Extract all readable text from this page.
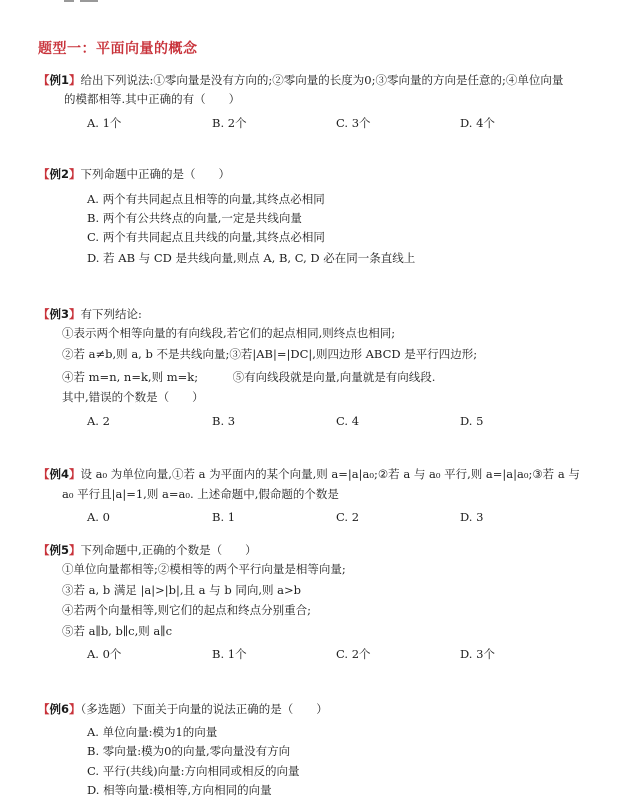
题型一：平面向量的概念
【例1】给出下列说法:①零向量是没有方向的;②零向量的长度为0;③零向量的方向是任意的;④单位向量
的模都相等.其中正确的有（　　）
A. 1个	B. 2个	C. 3个	D. 4个
【例2】下列命题中正确的是（　　）
A. 两个有共同起点且相等的向量,其终点必相同
B. 两个有公共终点的向量,一定是共线向量
C. 两个有共同起点且共线的向量,其终点必相同
D. 若 AB 与 CD 是共线向量,则点 A, B, C, D 必在同一条直线上
【例3】有下列结论:
①表示两个相等向量的有向线段,若它们的起点相同,则终点也相同;
②若 a≠b,则 a, b 不是共线向量;③若|AB|=|DC|,则四边形 ABCD 是平行四边形;
④若 m=n, n=k,则 m=k;　　　⑤有向线段就是向量,向量就是有向线段.
其中,错误的个数是（　　）
A. 2	B. 3	C. 4	D. 5
【例4】设 a₀ 为单位向量,①若 a 为平面内的某个向量,则 a=|a|a₀;②若 a 与 a₀ 平行,则 a=|a|a₀;③若 a 与
a₀ 平行且|a|=1,则 a=a₀. 上述命题中,假命题的个数是
A. 0	B. 1	C. 2	D. 3
【例5】下列命题中,正确的个数是（　　）
①单位向量都相等;②模相等的两个平行向量是相等向量;
③若 a, b 满足 |a|>|b|,且 a 与 b 同向,则 a>b
④若两个向量相等,则它们的起点和终点分别重合;
⑤若 a∥b, b∥c,则 a∥c
A. 0个	B. 1个	C. 2个	D. 3个
【例6】（多选题）下面关于向量的说法正确的是（　　）
A. 单位向量:模为1的向量
B. 零向量:模为0的向量,零向量没有方向
C. 平行(共线)向量:方向相同或相反的向量
D. 相等向量:模相等,方向相同的向量
